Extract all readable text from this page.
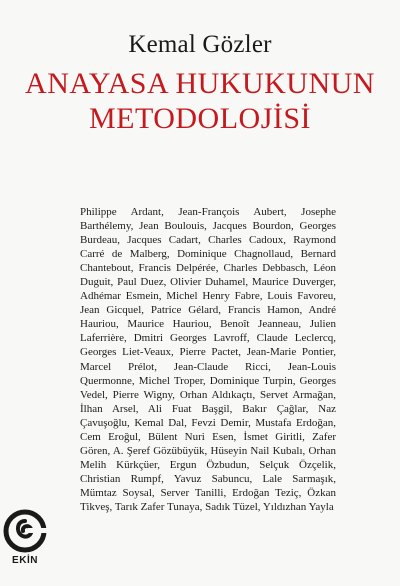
Kemal Gözler
ANAYASA HUKUKUNUN
METODOLOJİSİ
Philippe Ardant, Jean-François Aubert, Josephe Barthélemy, Jean Boulouis, Jacques Bourdon, Georges Burdeau, Jacques Cadart, Charles Cadoux, Raymond Carré de Malberg, Dominique Chagnollaud, Bernard Chantebout, Francis Delpérée, Charles Debbasch, Léon Duguit, Paul Duez, Olivier Duhamel, Maurice Duverger, Adhémar Esmein, Michel Henry Fabre, Louis Favoreu, Jean Gicquel, Patrice Gélard, Francis Hamon, André Hauriou, Maurice Hauriou, Benoît Jeanneau, Julien Laferrière, Dmitri Georges Lavroff, Claude Leclercq, Georges Liet-Veaux, Pierre Pactet, Jean-Marie Pontier, Marcel Prélot, Jean-Claude Ricci, Jean-Louis Quermonne, Michel Troper, Dominique Turpin, Georges Vedel, Pierre Wigny, Orhan Aldıkaçtı, Servet Armağan, İlhan Arsel, Ali Fuat Başgil, Bakır Çağlar, Naz Çavuşoğlu, Kemal Dal, Fevzi Demir, Mustafa Erdoğan, Cem Eroğul, Bülent Nuri Esen, İsmet Giritli, Zafer Gören, A. Şeref Gözübüyük, Hüseyin Nail Kubalı, Orhan Melih Kürkçüer, Ergun Özbudun, Selçuk Özçelik, Christian Rumpf, Yavuz Sabuncu, Lale Sarmaşık, Mümtaz Soysal, Server Tanilli, Erdoğan Teziç, Özkan Tikveş, Tarık Zafer Tunaya, Sadık Tüzel, Yıldızhan Yayla
EKİN
